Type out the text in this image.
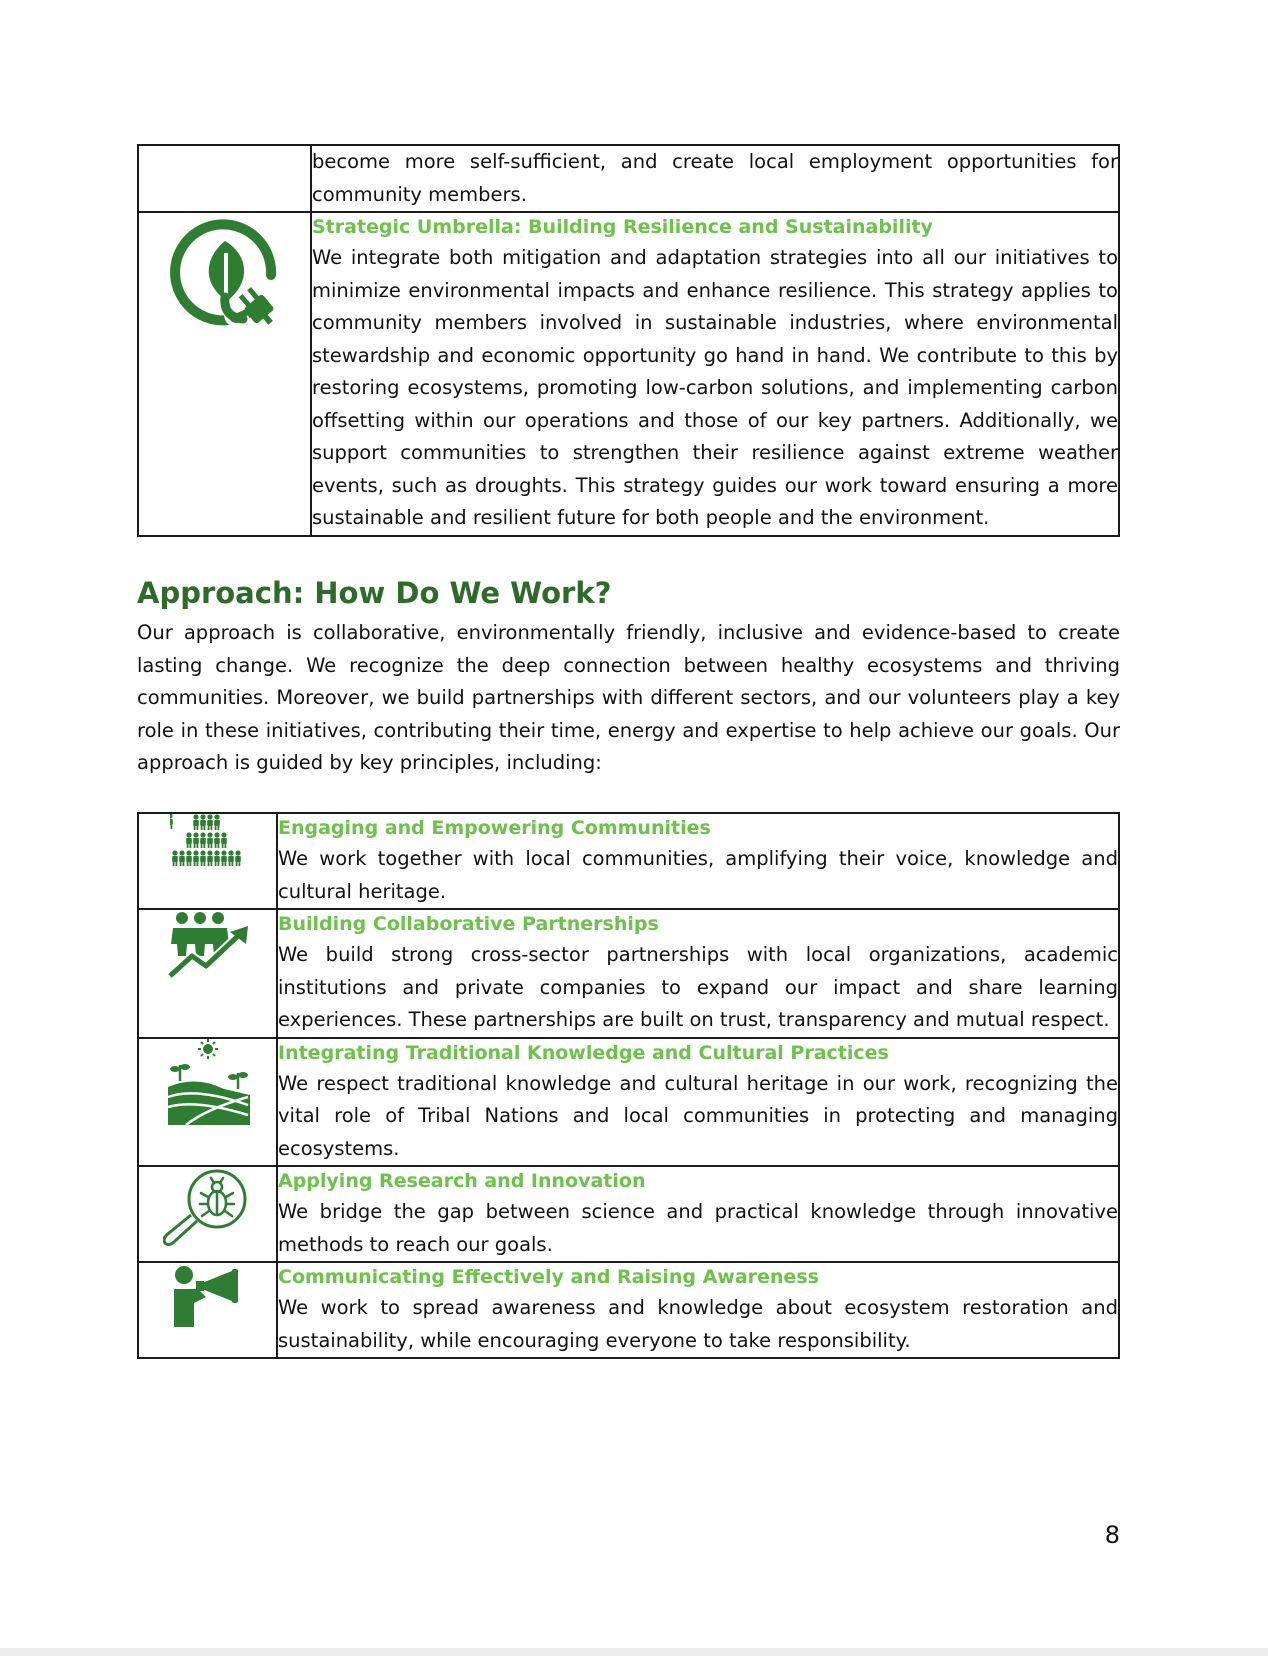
	become more self-sufficient, and create local employment opportunities for community members.

Strategic Umbrella: Building Resilience and Sustainability
We integrate both mitigation and adaptation strategies into all our initiatives to minimize environmental impacts and enhance resilience. This strategy applies to community members involved in sustainable industries, where environmental stewardship and economic opportunity go hand in hand. We contribute to this by restoring ecosystems, promoting low-carbon solutions, and implementing carbon offsetting within our operations and those of our key partners. Additionally, we support communities to strengthen their resilience against extreme weather events, such as droughts. This strategy guides our work toward ensuring a more sustainable and resilient future for both people and the environment.
Approach: How Do We Work?

Our approach is collaborative, environmentally friendly, inclusive and evidence-based to create lasting change. We recognize the deep connection between healthy ecosystems and thriving communities. Moreover, we build partnerships with different sectors, and our volunteers play a key role in these initiatives, contributing their time, energy and expertise to help achieve our goals. Our approach is guided by key principles, including:

Engaging and Empowering Communities
We work together with local communities, amplifying their voice, knowledge and cultural heritage.

Building Collaborative Partnerships
We build strong cross-sector partnerships with local organizations, academic institutions and private companies to expand our impact and share learning experiences. These partnerships are built on trust, transparency and mutual respect.

Integrating Traditional Knowledge and Cultural Practices
We respect traditional knowledge and cultural heritage in our work, recognizing the vital role of Tribal Nations and local communities in protecting and managing ecosystems.

Applying Research and Innovation
We bridge the gap between science and practical knowledge through innovative methods to reach our goals.

Communicating Effectively and Raising Awareness
We work to spread awareness and knowledge about ecosystem restoration and sustainability, while encouraging everyone to take responsibility.
8
